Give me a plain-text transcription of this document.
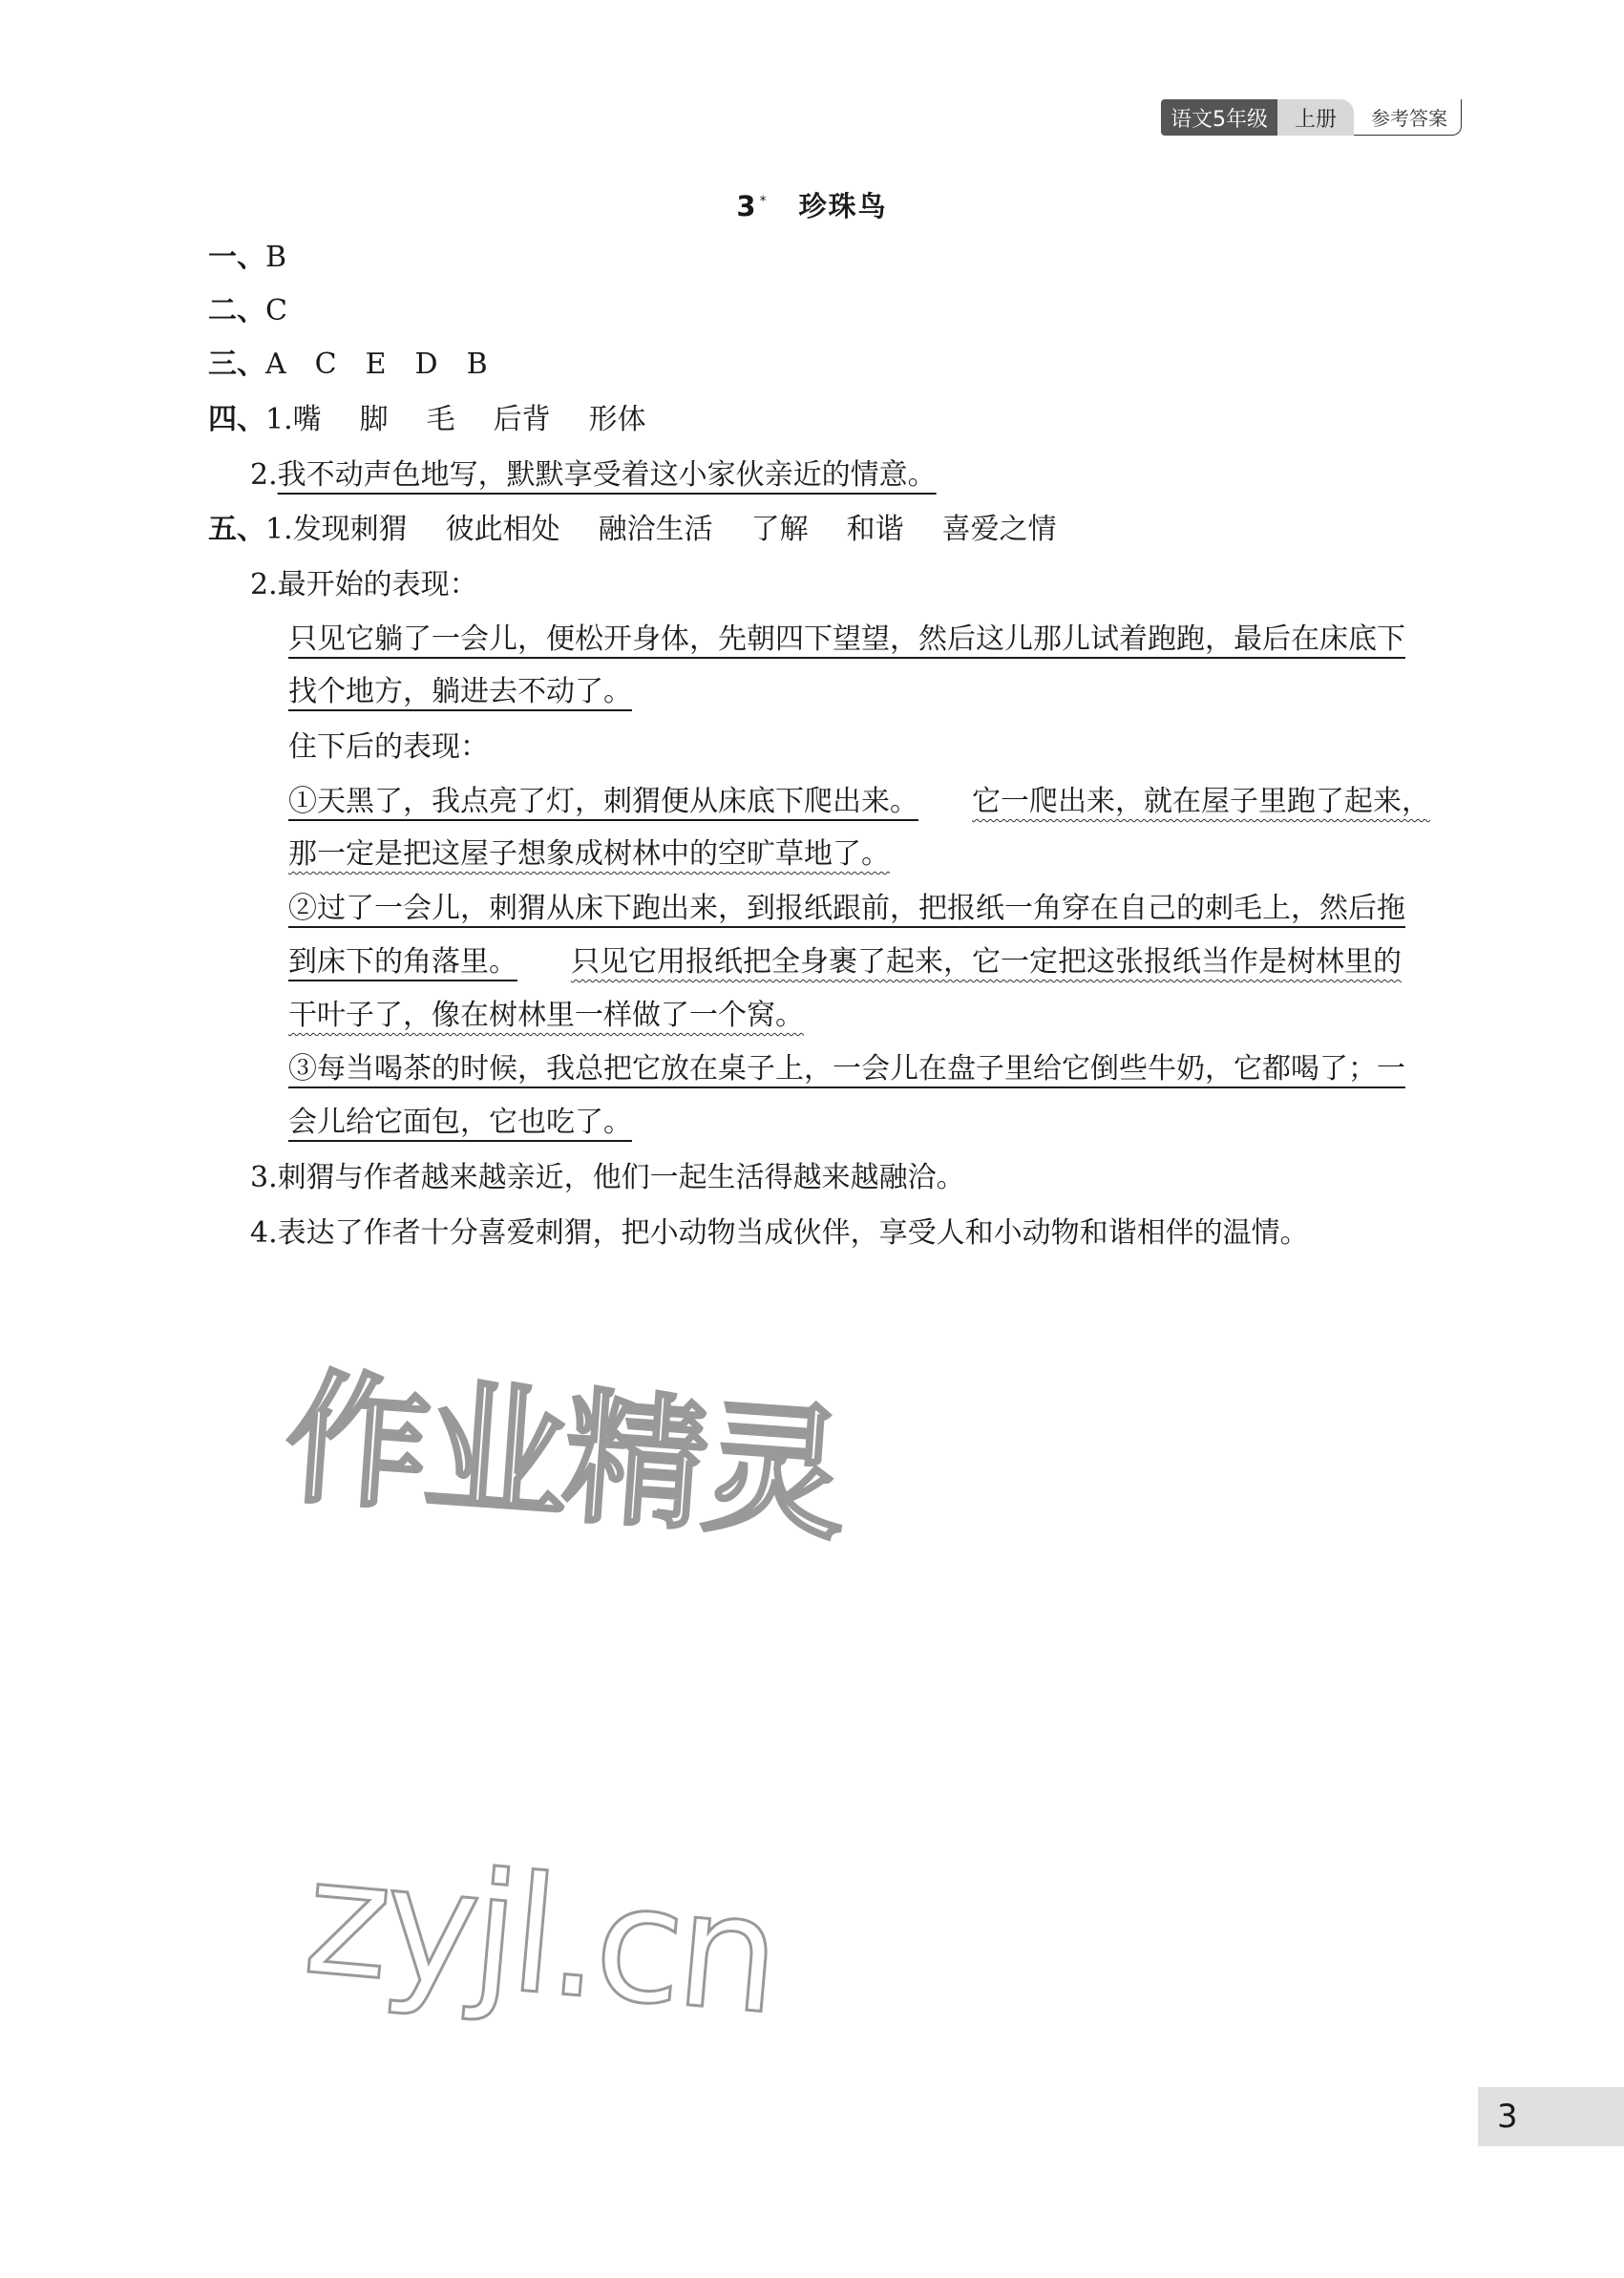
语文5年级	上册	参考答案
3 * 珍珠鸟
一、B
二、C
三、A　C　E　D　B
四、1.嘴 脚 毛 后背 形体
2.我不动声色地写，默默享受着这小家伙亲近的情意。
五、1.发现刺猬 彼此相处 融洽生活 了解 和谐 喜爱之情
2.最开始的表现：
只见它躺了一会儿，便松开身体，先朝四下望望，然后这儿那儿试着跑跑，最后在床底下
找个地方，躺进去不动了。
住下后的表现：
①天黑了，我点亮了灯，刺猬便从床底下爬出来。 它一爬出来，就在屋子里跑了起来，
那一定是把这屋子想象成树林中的空旷草地了。
②过了一会儿，刺猬从床下跑出来，到报纸跟前，把报纸一角穿在自己的刺毛上，然后拖
到床下的角落里。 只见它用报纸把全身裹了起来，它一定把这张报纸当作是树林里的
干叶子了，像在树林里一样做了一个窝。
③每当喝茶的时候，我总把它放在桌子上，一会儿在盘子里给它倒些牛奶，它都喝了；一
会儿给它面包，它也吃了。
3.刺猬与作者越来越亲近，他们一起生活得越来越融洽。
4.表达了作者十分喜爱刺猬，把小动物当成伙伴，享受人和小动物和谐相伴的温情。
作业精灵
zyjl.cn
3
